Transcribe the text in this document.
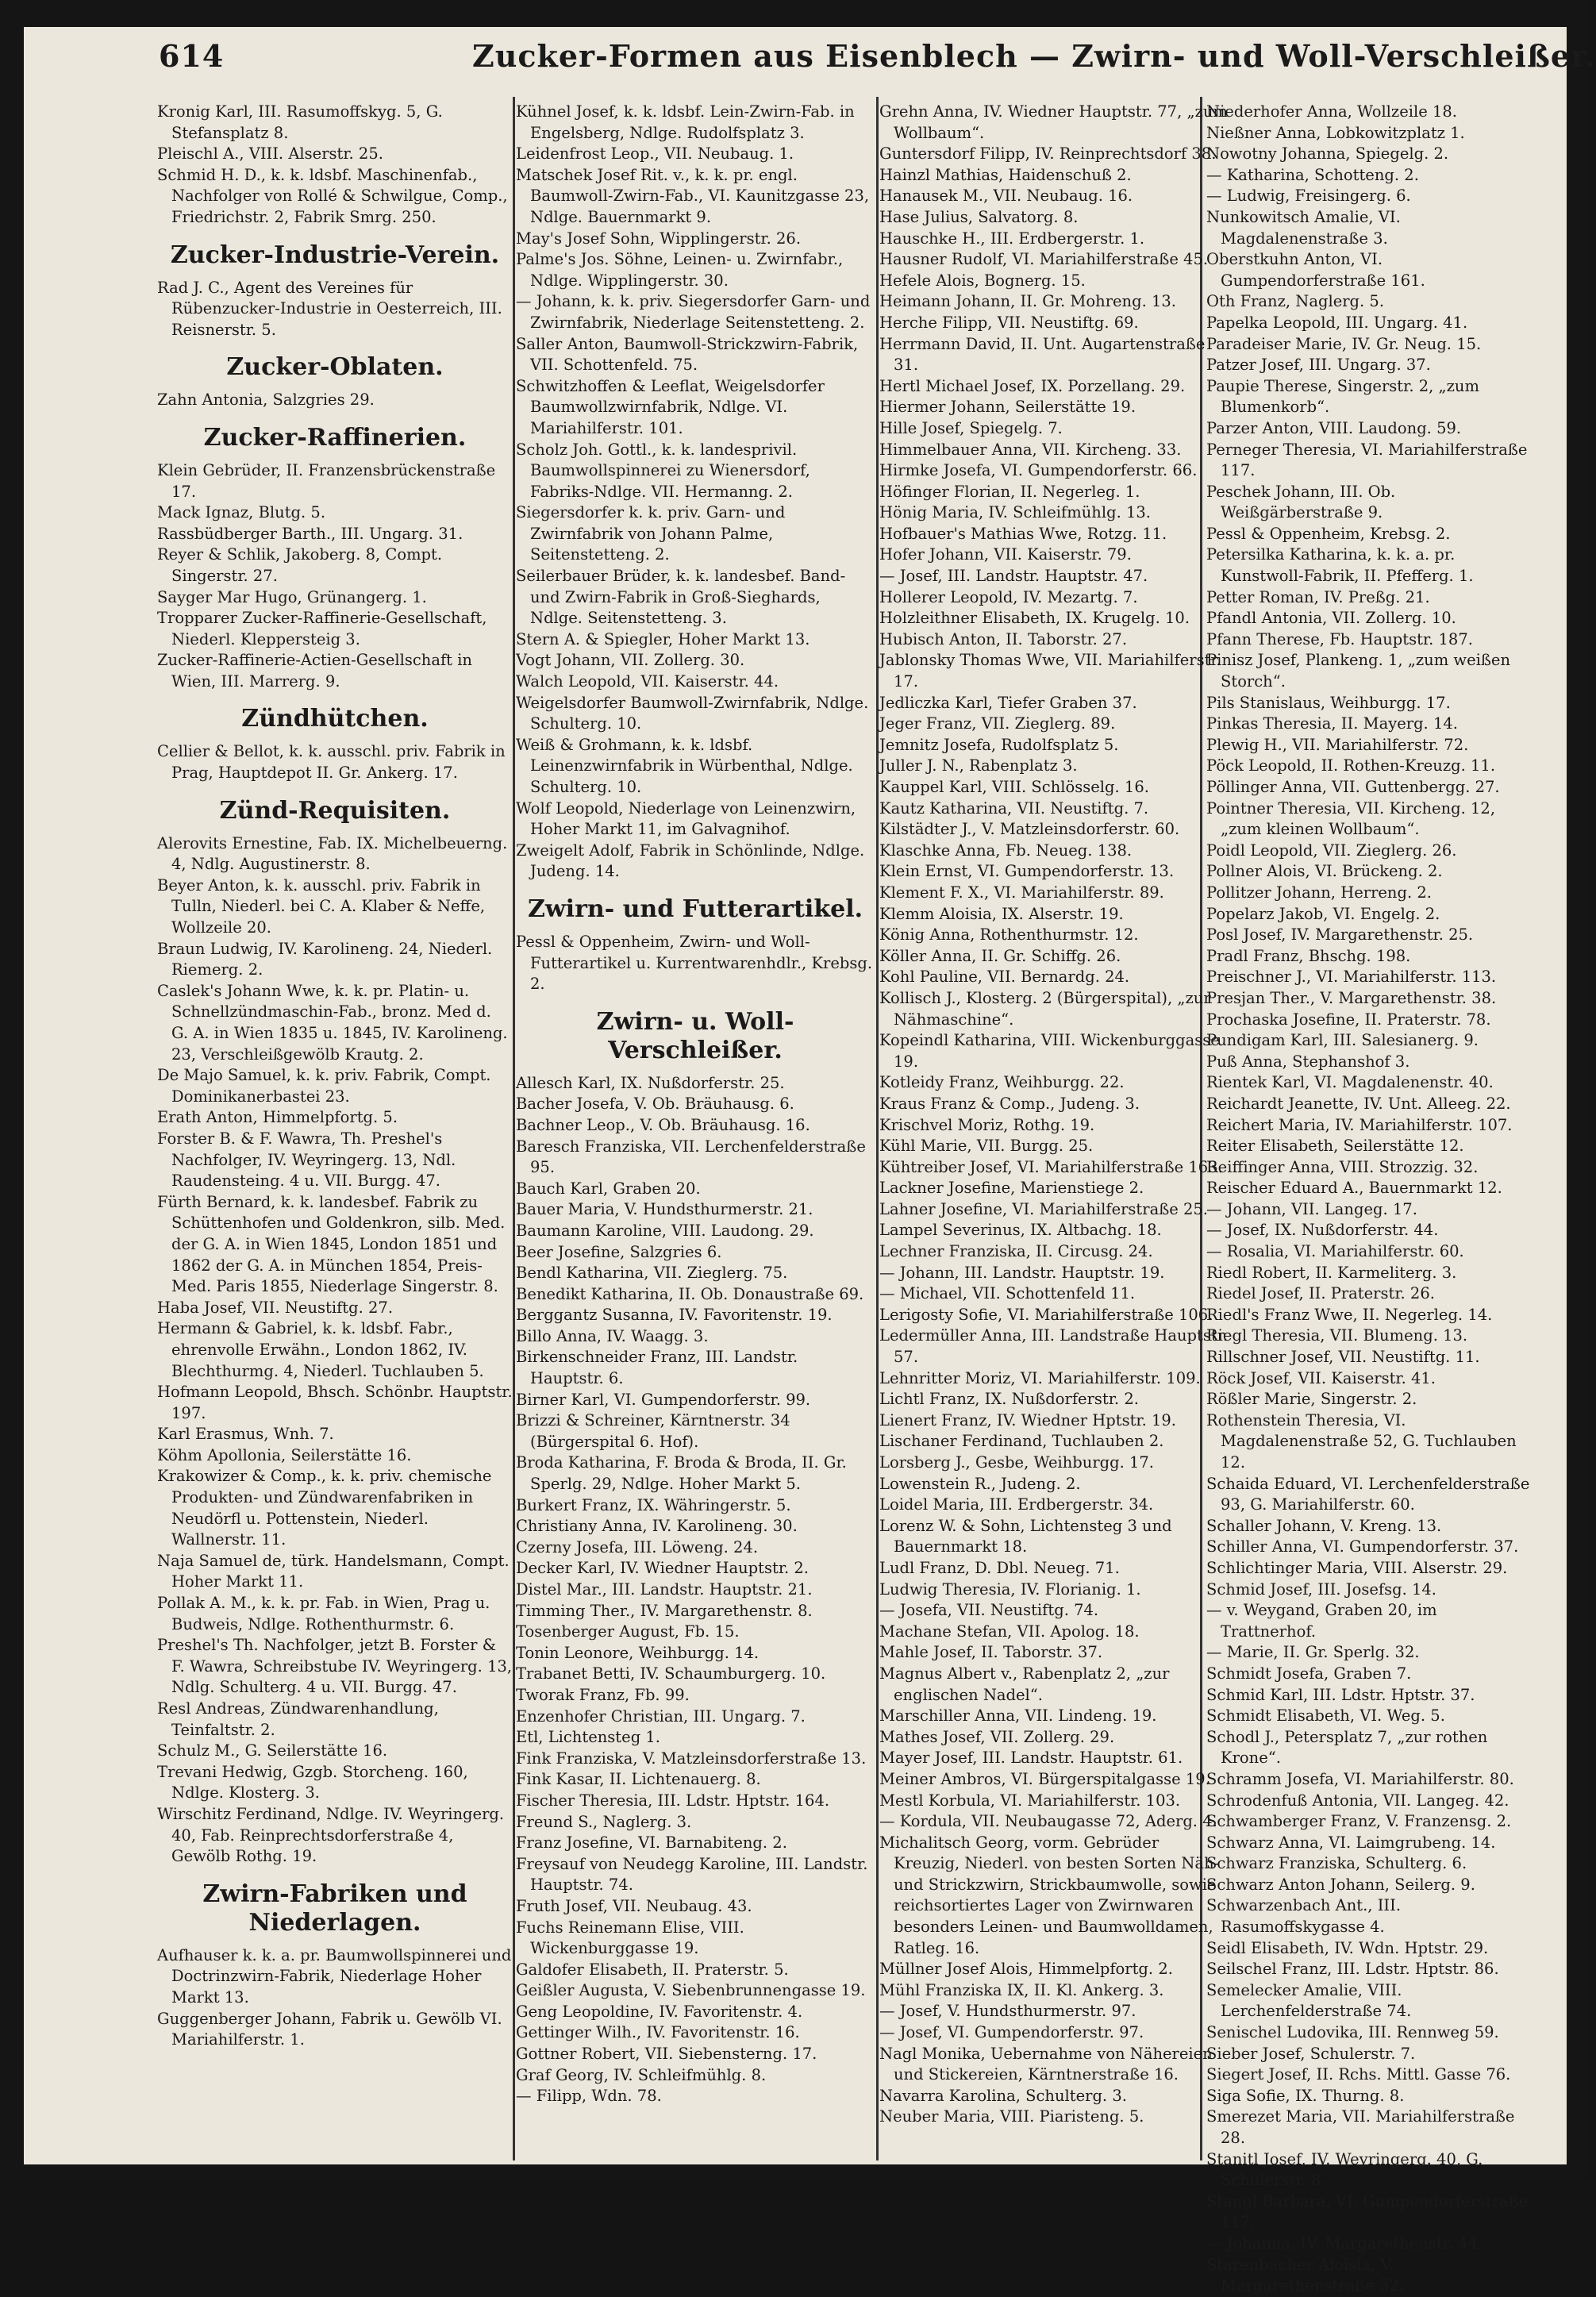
614	Zucker-Formen aus Eisenblech — Zwirn- und Woll-Verschleißer.

Kronig Karl, III. Rasumoffskyg. 5, G. Stefansplatz 8.

Pleischl A., VIII. Alserstr. 25.

Schmid H. D., k. k. ldsbf. Maschinenfab., Nachfolger von Rollé & Schwilgue, Comp., Friedrichstr. 2, Fabrik Smrg. 250.

Zucker-Industrie-Verein.

Rad J. C., Agent des Vereines für Rübenzucker-Industrie in Oesterreich, III. Reisnerstr. 5.

Zucker-Oblaten.

Zahn Antonia, Salzgries 29.

Zucker-Raffinerien.

Klein Gebrüder, II. Franzensbrückenstraße 17.

Mack Ignaz, Blutg. 5.

Rassbüdberger Barth., III. Ungarg. 31.

Reyer & Schlik, Jakoberg. 8, Compt. Singerstr. 27.

Sayger Mar Hugo, Grünangerg. 1.

Tropparer Zucker-Raffinerie-Gesellschaft, Niederl. Kleppersteig 3.

Zucker-Raffinerie-Actien-Gesellschaft in Wien, III. Marrerg. 9.

Zündhütchen.

Cellier & Bellot, k. k. ausschl. priv. Fabrik in Prag, Hauptdepot II. Gr. Ankerg. 17.

Zünd-Requisiten.

Alerovits Ernestine, Fab. IX. Michelbeuerng. 4, Ndlg. Augustinerstr. 8.

Beyer Anton, k. k. ausschl. priv. Fabrik in Tulln, Niederl. bei C. A. Klaber & Neffe, Wollzeile 20.

Braun Ludwig, IV. Karolineng. 24, Niederl. Riemerg. 2.

Caslek's Johann Wwe, k. k. pr. Platin- u. Schnellzündmaschin-Fab., bronz. Med d. G. A. in Wien 1835 u. 1845, IV. Karolineng. 23, Verschleißgewölb Krautg. 2.

De Majo Samuel, k. k. priv. Fabrik, Compt. Dominikanerbastei 23.

Erath Anton, Himmelpfortg. 5.

Forster B. & F. Wawra, Th. Preshel's Nachfolger, IV. Weyringerg. 13, Ndl. Raudensteing. 4 u. VII. Burgg. 47.

Fürth Bernard, k. k. landesbef. Fabrik zu Schüttenhofen und Goldenkron, silb. Med. der G. A. in Wien 1845, London 1851 und 1862 der G. A. in München 1854, Preis-Med. Paris 1855, Niederlage Singerstr. 8.

Haba Josef, VII. Neustiftg. 27.

Hermann & Gabriel, k. k. ldsbf. Fabr., ehrenvolle Erwähn., London 1862, IV. Blechthurmg. 4, Niederl. Tuchlauben 5.

Hofmann Leopold, Bhsch. Schönbr. Hauptstr. 197.

Karl Erasmus, Wnh. 7.

Köhm Apollonia, Seilerstätte 16.

Krakowizer & Comp., k. k. priv. chemische Produkten- und Zündwarenfabriken in Neudörfl u. Pottenstein, Niederl. Wallnerstr. 11.

Naja Samuel de, türk. Handelsmann, Compt. Hoher Markt 11.

Pollak A. M., k. k. pr. Fab. in Wien, Prag u. Budweis, Ndlge. Rothenthurmstr. 6.

Preshel's Th. Nachfolger, jetzt B. Forster & F. Wawra, Schreibstube IV. Weyringerg. 13, Ndlg. Schulterg. 4 u. VII. Burgg. 47.

Resl Andreas, Zündwarenhandlung, Teinfaltstr. 2.

Schulz M., G. Seilerstätte 16.

Trevani Hedwig, Gzgb. Storcheng. 160, Ndlge. Klosterg. 3.

Wirschitz Ferdinand, Ndlge. IV. Weyringerg. 40, Fab. Reinprechtsdorferstraße 4, Gewölb Rothg. 19.

Zwirn-Fabriken und Niederlagen.

Aufhauser k. k. a. pr. Baumwollspinnerei und Doctrinzwirn-Fabrik, Niederlage Hoher Markt 13.

Guggenberger Johann, Fabrik u. Gewölb VI. Mariahilferstr. 1.

Kühnel Josef, k. k. ldsbf. Lein-Zwirn-Fab. in Engelsberg, Ndlge. Rudolfsplatz 3.

Leidenfrost Leop., VII. Neubaug. 1.

Matschek Josef Rit. v., k. k. pr. engl. Baumwoll-Zwirn-Fab., VI. Kaunitzgasse 23, Ndlge. Bauernmarkt 9.

May's Josef Sohn, Wipplingerstr. 26.

Palme's Jos. Söhne, Leinen- u. Zwirnfabr., Ndlge. Wipplingerstr. 30.

— Johann, k. k. priv. Siegersdorfer Garn- und Zwirnfabrik, Niederlage Seitenstetteng. 2.

Saller Anton, Baumwoll-Strickzwirn-Fabrik, VII. Schottenfeld. 75.

Schwitzhoffen & Leeflat, Weigelsdorfer Baumwollzwirnfabrik, Ndlge. VI. Mariahilferstr. 101.

Scholz Joh. Gottl., k. k. landesprivil. Baumwollspinnerei zu Wienersdorf, Fabriks-Ndlge. VII. Hermanng. 2.

Siegersdorfer k. k. priv. Garn- und Zwirnfabrik von Johann Palme, Seitenstetteng. 2.

Seilerbauer Brüder, k. k. landesbef. Band- und Zwirn-Fabrik in Groß-Sieghards, Ndlge. Seitenstetteng. 3.

Stern A. & Spiegler, Hoher Markt 13.

Vogt Johann, VII. Zollerg. 30.

Walch Leopold, VII. Kaiserstr. 44.

Weigelsdorfer Baumwoll-Zwirnfabrik, Ndlge. Schulterg. 10.

Weiß & Grohmann, k. k. ldsbf. Leinenzwirnfabrik in Würbenthal, Ndlge. Schulterg. 10.

Wolf Leopold, Niederlage von Leinenzwirn, Hoher Markt 11, im Galvagnihof.

Zweigelt Adolf, Fabrik in Schönlinde, Ndlge. Judeng. 14.

Zwirn- und Futterartikel.

Pessl & Oppenheim, Zwirn- und Woll-Futterartikel u. Kurrentwarenhdlr., Krebsg. 2.

Zwirn- u. Woll-Verschleißer.

Allesch Karl, IX. Nußdorferstr. 25.

Bacher Josefa, V. Ob. Bräuhausg. 6.

Bachner Leop., V. Ob. Bräuhausg. 16.

Baresch Franziska, VII. Lerchenfelderstraße 95.

Bauch Karl, Graben 20.

Bauer Maria, V. Hundsthurmerstr. 21.

Baumann Karoline, VIII. Laudong. 29.

Beer Josefine, Salzgries 6.

Bendl Katharina, VII. Zieglerg. 75.

Benedikt Katharina, II. Ob. Donaustraße 69.

Berggantz Susanna, IV. Favoritenstr. 19.

Billo Anna, IV. Waagg. 3.

Birkenschneider Franz, III. Landstr. Hauptstr. 6.

Birner Karl, VI. Gumpendorferstr. 99.

Brizzi & Schreiner, Kärntnerstr. 34 (Bürgerspital 6. Hof).

Broda Katharina, F. Broda & Broda, II. Gr. Sperlg. 29, Ndlge. Hoher Markt 5.

Burkert Franz, IX. Währingerstr. 5.

Christiany Anna, IV. Karolineng. 30.

Czerny Josefa, III. Löweng. 24.

Decker Karl, IV. Wiedner Hauptstr. 2.

Distel Mar., III. Landstr. Hauptstr. 21.

Timming Ther., IV. Margarethenstr. 8.

Tosenberger August, Fb. 15.

Tonin Leonore, Weihburgg. 14.

Trabanet Betti, IV. Schaumburgerg. 10.

Tworak Franz, Fb. 99.

Enzenhofer Christian, III. Ungarg. 7.

Etl, Lichtensteg 1.

Fink Franziska, V. Matzleinsdorferstraße 13.

Fink Kasar, II. Lichtenauerg. 8.

Fischer Theresia, III. Ldstr. Hptstr. 164.

Freund S., Naglerg. 3.

Franz Josefine, VI. Barnabiteng. 2.

Freysauf von Neudegg Karoline, III. Landstr. Hauptstr. 74.

Fruth Josef, VII. Neubaug. 43.

Fuchs Reinemann Elise, VIII. Wickenburggasse 19.

Galdofer Elisabeth, II. Praterstr. 5.

Geißler Augusta, V. Siebenbrunnengasse 19.

Geng Leopoldine, IV. Favoritenstr. 4.

Gettinger Wilh., IV. Favoritenstr. 16.

Gottner Robert, VII. Siebensterng. 17.

Graf Georg, IV. Schleifmühlg. 8.

— Filipp, Wdn. 78.

Grehn Anna, IV. Wiedner Hauptstr. 77, „zum Wollbaum“.

Guntersdorf Filipp, IV. Reinprechtsdorf 38.

Hainzl Mathias, Haidenschuß 2.

Hanausek M., VII. Neubaug. 16.

Hase Julius, Salvatorg. 8.

Hauschke H., III. Erdbergerstr. 1.

Hausner Rudolf, VI. Mariahilferstraße 45.

Hefele Alois, Bognerg. 15.

Heimann Johann, II. Gr. Mohreng. 13.

Herche Filipp, VII. Neustiftg. 69.

Herrmann David, II. Unt. Augartenstraße 31.

Hertl Michael Josef, IX. Porzellang. 29.

Hiermer Johann, Seilerstätte 19.

Hille Josef, Spiegelg. 7.

Himmelbauer Anna, VII. Kircheng. 33.

Hirmke Josefa, VI. Gumpendorferstr. 66.

Höfinger Florian, II. Negerleg. 1.

Hönig Maria, IV. Schleifmühlg. 13.

Hofbauer's Mathias Wwe, Rotzg. 11.

Hofer Johann, VII. Kaiserstr. 79.

— Josef, III. Landstr. Hauptstr. 47.

Hollerer Leopold, IV. Mezartg. 7.

Holzleithner Elisabeth, IX. Krugelg. 10.

Hubisch Anton, II. Taborstr. 27.

Jablonsky Thomas Wwe, VII. Mariahilferstr. 17.

Jedliczka Karl, Tiefer Graben 37.

Jeger Franz, VII. Zieglerg. 89.

Jemnitz Josefa, Rudolfsplatz 5.

Juller J. N., Rabenplatz 3.

Kauppel Karl, VIII. Schlösselg. 16.

Kautz Katharina, VII. Neustiftg. 7.

Kilstädter J., V. Matzleinsdorferstr. 60.

Klaschke Anna, Fb. Neueg. 138.

Klein Ernst, VI. Gumpendorferstr. 13.

Klement F. X., VI. Mariahilferstr. 89.

Klemm Aloisia, IX. Alserstr. 19.

König Anna, Rothenthurmstr. 12.

Köller Anna, II. Gr. Schiffg. 26.

Kohl Pauline, VII. Bernardg. 24.

Kollisch J., Klosterg. 2 (Bürgerspital), „zur Nähmaschine“.

Kopeindl Katharina, VIII. Wickenburggasse 19.

Kotleidy Franz, Weihburgg. 22.

Kraus Franz & Comp., Judeng. 3.

Krischvel Moriz, Rothg. 19.

Kühl Marie, VII. Burgg. 25.

Kühtreiber Josef, VI. Mariahilferstraße 163.

Lackner Josefine, Marienstiege 2.

Lahner Josefine, VI. Mariahilferstraße 25.

Lampel Severinus, IX. Altbachg. 18.

Lechner Franziska, II. Circusg. 24.

— Johann, III. Landstr. Hauptstr. 19.

— Michael, VII. Schottenfeld 11.

Lerigosty Sofie, VI. Mariahilferstraße 106.

Ledermüller Anna, III. Landstraße Hauptstr. 57.

Lehnritter Moriz, VI. Mariahilferstr. 109.

Lichtl Franz, IX. Nußdorferstr. 2.

Lienert Franz, IV. Wiedner Hptstr. 19.

Lischaner Ferdinand, Tuchlauben 2.

Lorsberg J., Gesbe, Weihburgg. 17.

Lowenstein R., Judeng. 2.

Loidel Maria, III. Erdbergerstr. 34.

Lorenz W. & Sohn, Lichtensteg 3 und Bauernmarkt 18.

Ludl Franz, D. Dbl. Neueg. 71.

Ludwig Theresia, IV. Florianig. 1.

— Josefa, VII. Neustiftg. 74.

Machane Stefan, VII. Apolog. 18.

Mahle Josef, II. Taborstr. 37.

Magnus Albert v., Rabenplatz 2, „zur englischen Nadel“.

Marschiller Anna, VII. Lindeng. 19.

Mathes Josef, VII. Zollerg. 29.

Mayer Josef, III. Landstr. Hauptstr. 61.

Meiner Ambros, VI. Bürgerspitalgasse 19.

Mestl Korbula, VI. Mariahilferstr. 103.

— Kordula, VII. Neubaugasse 72, Aderg. 4.

Michalitsch Georg, vorm. Gebrüder Kreuzig, Niederl. von besten Sorten Näh- und Strickzwirn, Strickbaumwolle, sowie reichsortiertes Lager von Zwirnwaren besonders Leinen- und Baumwolldamen, Ratleg. 16.

Müllner Josef Alois, Himmelpfortg. 2.

Mühl Franziska IX, II. Kl. Ankerg. 3.

— Josef, V. Hundsthurmerstr. 97.

— Josef, VI. Gumpendorferstr. 97.

Nagl Monika, Uebernahme von Nähereien und Stickereien, Kärntnerstraße 16.

Navarra Karolina, Schulterg. 3.

Neuber Maria, VIII. Piaristeng. 5.

Niederhofer Anna, Wollzeile 18.

Nießner Anna, Lobkowitzplatz 1.

Nowotny Johanna, Spiegelg. 2.

— Katharina, Schotteng. 2.

— Ludwig, Freisingerg. 6.

Nunkowitsch Amalie, VI. Magdalenenstraße 3.

Oberstkuhn Anton, VI. Gumpendorferstraße 161.

Oth Franz, Naglerg. 5.

Papelka Leopold, III. Ungarg. 41.

Paradeiser Marie, IV. Gr. Neug. 15.

Patzer Josef, III. Ungarg. 37.

Paupie Therese, Singerstr. 2, „zum Blumenkorb“.

Parzer Anton, VIII. Laudong. 59.

Perneger Theresia, VI. Mariahilferstraße 117.

Peschek Johann, III. Ob. Weißgärberstraße 9.

Pessl & Oppenheim, Krebsg. 2.

Petersilka Katharina, k. k. a. pr. Kunstwoll-Fabrik, II. Pfefferg. 1.

Petter Roman, IV. Preßg. 21.

Pfandl Antonia, VII. Zollerg. 10.

Pfann Therese, Fb. Hauptstr. 187.

Pinisz Josef, Plankeng. 1, „zum weißen Storch“.

Pils Stanislaus, Weihburgg. 17.

Pinkas Theresia, II. Mayerg. 14.

Plewig H., VII. Mariahilferstr. 72.

Pöck Leopold, II. Rothen-Kreuzg. 11.

Pöllinger Anna, VII. Guttenbergg. 27.

Pointner Theresia, VII. Kircheng. 12, „zum kleinen Wollbaum“.

Poidl Leopold, VII. Zieglerg. 26.

Pollner Alois, VI. Brückeng. 2.

Pollitzer Johann, Herreng. 2.

Popelarz Jakob, VI. Engelg. 2.

Posl Josef, IV. Margarethenstr. 25.

Pradl Franz, Bhschg. 198.

Preischner J., VI. Mariahilferstr. 113.

Presjan Ther., V. Margarethenstr. 38.

Prochaska Josefine, II. Praterstr. 78.

Pundigam Karl, III. Salesianerg. 9.

Puß Anna, Stephanshof 3.

Rientek Karl, VI. Magdalenenstr. 40.

Reichardt Jeanette, IV. Unt. Alleeg. 22.

Reichert Maria, IV. Mariahilferstr. 107.

Reiter Elisabeth, Seilerstätte 12.

Reiffinger Anna, VIII. Strozzig. 32.

Reischer Eduard A., Bauernmarkt 12.

— Johann, VII. Langeg. 17.

— Josef, IX. Nußdorferstr. 44.

— Rosalia, VI. Mariahilferstr. 60.

Riedl Robert, II. Karmeliterg. 3.

Riedel Josef, II. Praterstr. 26.

Riedl's Franz Wwe, II. Negerleg. 14.

Riegl Theresia, VII. Blumeng. 13.

Rillschner Josef, VII. Neustiftg. 11.

Röck Josef, VII. Kaiserstr. 41.

Rößler Marie, Singerstr. 2.

Rothenstein Theresia, VI. Magdalenenstraße 52, G. Tuchlauben 12.

Schaida Eduard, VI. Lerchenfelderstraße 93, G. Mariahilferstr. 60.

Schaller Johann, V. Kreng. 13.

Schiller Anna, VI. Gumpendorferstr. 37.

Schlichtinger Maria, VIII. Alserstr. 29.

Schmid Josef, III. Josefsg. 14.

— v. Weygand, Graben 20, im Trattnerhof.

— Marie, II. Gr. Sperlg. 32.

Schmidt Josefa, Graben 7.

Schmid Karl, III. Ldstr. Hptstr. 37.

Schmidt Elisabeth, VI. Weg. 5.

Schodl J., Petersplatz 7, „zur rothen Krone“.

Schramm Josefa, VI. Mariahilferstr. 80.

Schrodenfuß Antonia, VII. Langeg. 42.

Schwamberger Franz, V. Franzensg. 2.

Schwarz Anna, VI. Laimgrubeng. 14.

Schwarz Franziska, Schulterg. 6.

Schwarz Anton Johann, Seilerg. 9.

Schwarzenbach Ant., III. Rasumoffskygasse 4.

Seidl Elisabeth, IV. Wdn. Hptstr. 29.

Seilschel Franz, III. Ldstr. Hptstr. 86.

Semelecker Amalie, VIII. Lerchenfelderstraße 74.

Senischel Ludovika, III. Rennweg 59.

Sieber Josef, Schulerstr. 7.

Siegert Josef, II. Rchs. Mittl. Gasse 76.

Siga Sofie, IX. Thurng. 8.

Smerezet Maria, VII. Mariahilferstraße 28.

Stanitl Josef, IV. Weyringerg. 40, G. Schulerstr. 8.

Stangl Barbara, VI. Gumpendorferstraße 117.

— Johanna, IV. Margarethenstr. 44.

Starenbacher Aloisia, V. Margarethenstraße 52.
